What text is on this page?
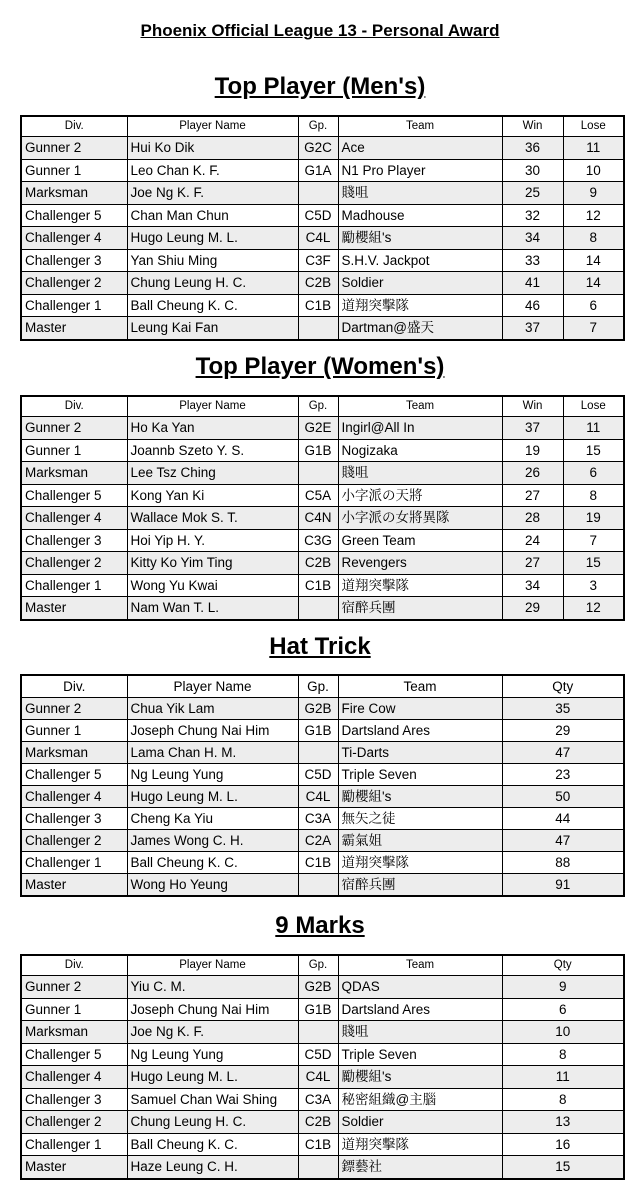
Phoenix Official League 13 - Personal Award
Top Player (Men's)
Div.	Player Name	Gp.	Team	Win	Lose
Gunner 2	Hui Ko Dik	G2C	Ace	36	11
Gunner 1	Leo Chan K. F.	G1A	N1 Pro Player	30	10
Marksman	Joe Ng K. F.		賤咀	25	9
Challenger 5	Chan Man Chun	C5D	Madhouse	32	12
Challenger 4	Hugo Leung M. L.	C4L	勵櫻組's	34	8
Challenger 3	Yan Shiu Ming	C3F	S.H.V. Jackpot	33	14
Challenger 2	Chung Leung H. C.	C2B	Soldier	41	14
Challenger 1	Ball Cheung K. C.	C1B	道翔突擊隊	46	6
Master	Leung Kai Fan		Dartman@盛天	37	7
Top Player (Women's)
Div.	Player Name	Gp.	Team	Win	Lose
Gunner 2	Ho Ka Yan	G2E	Ingirl@All In	37	11
Gunner 1	Joannb Szeto Y. S.	G1B	Nogizaka	19	15
Marksman	Lee Tsz Ching		賤咀	26	6
Challenger 5	Kong Yan Ki	C5A	小字派の天將	27	8
Challenger 4	Wallace Mok S. T.	C4N	小字派の女將異隊	28	19
Challenger 3	Hoi Yip H. Y.	C3G	Green Team	24	7
Challenger 2	Kitty Ko Yim Ting	C2B	Revengers	27	15
Challenger 1	Wong Yu Kwai	C1B	道翔突擊隊	34	3
Master	Nam Wan T. L.		宿醉兵團	29	12
Hat Trick
Div.	Player Name	Gp.	Team	Qty
Gunner 2	Chua Yik Lam	G2B	Fire Cow	35
Gunner 1	Joseph Chung Nai Him	G1B	Dartsland Ares	29
Marksman	Lama Chan H. M.		Ti-Darts	47
Challenger 5	Ng Leung Yung	C5D	Triple Seven	23
Challenger 4	Hugo Leung M. L.	C4L	勵櫻組's	50
Challenger 3	Cheng Ka Yiu	C3A	無矢之徒	44
Challenger 2	James Wong C. H.	C2A	霸氣姐	47
Challenger 1	Ball Cheung K. C.	C1B	道翔突擊隊	88
Master	Wong Ho Yeung		宿醉兵團	91
9 Marks
Div.	Player Name	Gp.	Team	Qty
Gunner 2	Yiu C. M.	G2B	QDAS	9
Gunner 1	Joseph Chung Nai Him	G1B	Dartsland Ares	6
Marksman	Joe Ng K. F.		賤咀	10
Challenger 5	Ng Leung Yung	C5D	Triple Seven	8
Challenger 4	Hugo Leung M. L.	C4L	勵櫻組's	11
Challenger 3	Samuel Chan Wai Shing	C3A	秘密組織@主腦	8
Challenger 2	Chung Leung H. C.	C2B	Soldier	13
Challenger 1	Ball Cheung K. C.	C1B	道翔突擊隊	16
Master	Haze Leung C. H.		鏢藝社	15
